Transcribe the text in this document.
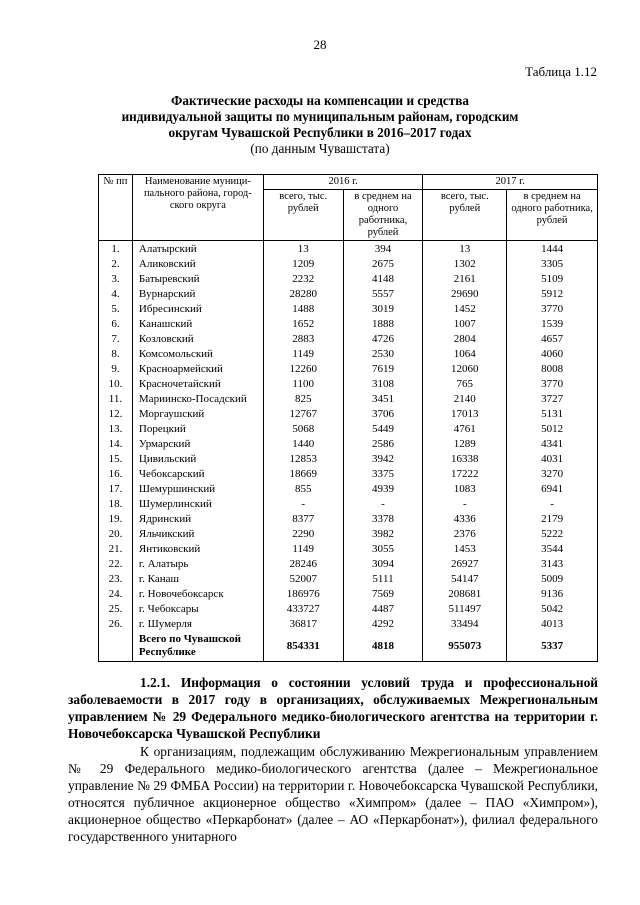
28
Таблица 1.12
Фактические расходы на компенсации и средства
индивидуальной защиты по муниципальным районам, городским
округам Чувашской Республики в 2016–2017 годах
(по данным Чувашстата)
№ пп	Наименование муници-пального района, город-ского округа	2016 г.		2017 г.	
		всего, тыс. рублей	в среднем на одного работника, рублей	всего, тыс. рублей	в среднем на одного работника, рублей
1.	Алатырский	13	394	13	1444
2.	Аликовский	1209	2675	1302	3305
3.	Батыревский	2232	4148	2161	5109
4.	Вурнарский	28280	5557	29690	5912
5.	Ибресинский	1488	3019	1452	3770
6.	Канашский	1652	1888	1007	1539
7.	Козловский	2883	4726	2804	4657
8.	Комсомольский	1149	2530	1064	4060
9.	Красноармейский	12260	7619	12060	8008
10.	Красночетайский	1100	3108	765	3770
11.	Мариинско-Посадский	825	3451	2140	3727
12.	Моргаушский	12767	3706	17013	5131
13.	Порецкий	5068	5449	4761	5012
14.	Урмарский	1440	2586	1289	4341
15.	Цивильский	12853	3942	16338	4031
16.	Чебоксарский	18669	3375	17222	3270
17.	Шемуршинский	855	4939	1083	6941
18.	Шумерлинский	-	-	-	-
19.	Ядринский	8377	3378	4336	2179
20.	Яльчикский	2290	3982	2376	5222
21.	Янтиковский	1149	3055	1453	3544
22.	г. Алатырь	28246	3094	26927	3143
23.	г. Канаш	52007	5111	54147	5009
24.	г. Новочебоксарск	186976	7569	208681	9136
25.	г. Чебоксары	433727	4487	511497	5042
26.	г. Шумерля	36817	4292	33494	4013
	Всего по Чувашской Республике	854331	4818	955073	5337
1.2.1. Информация о состоянии условий труда и профессиональной заболеваемости в 2017 году в организациях, обслуживаемых Межрегиональным управлением № 29 Федерального медико-биологического агентства на территории г. Новочебоксарска Чувашской Республики
К организациям, подлежащим обслуживанию Межрегиональным управлением № 29 Федерального медико-биологического агентства (далее – Межрегиональное управление № 29 ФМБА России) на территории г. Новочебоксарска Чувашской Республики, относятся публичное акционерное общество «Химпром» (далее – ПАО «Химпром»), акционерное общество «Перкарбонат» (далее – АО «Перкарбонат»), филиал федерального государственного унитарного
